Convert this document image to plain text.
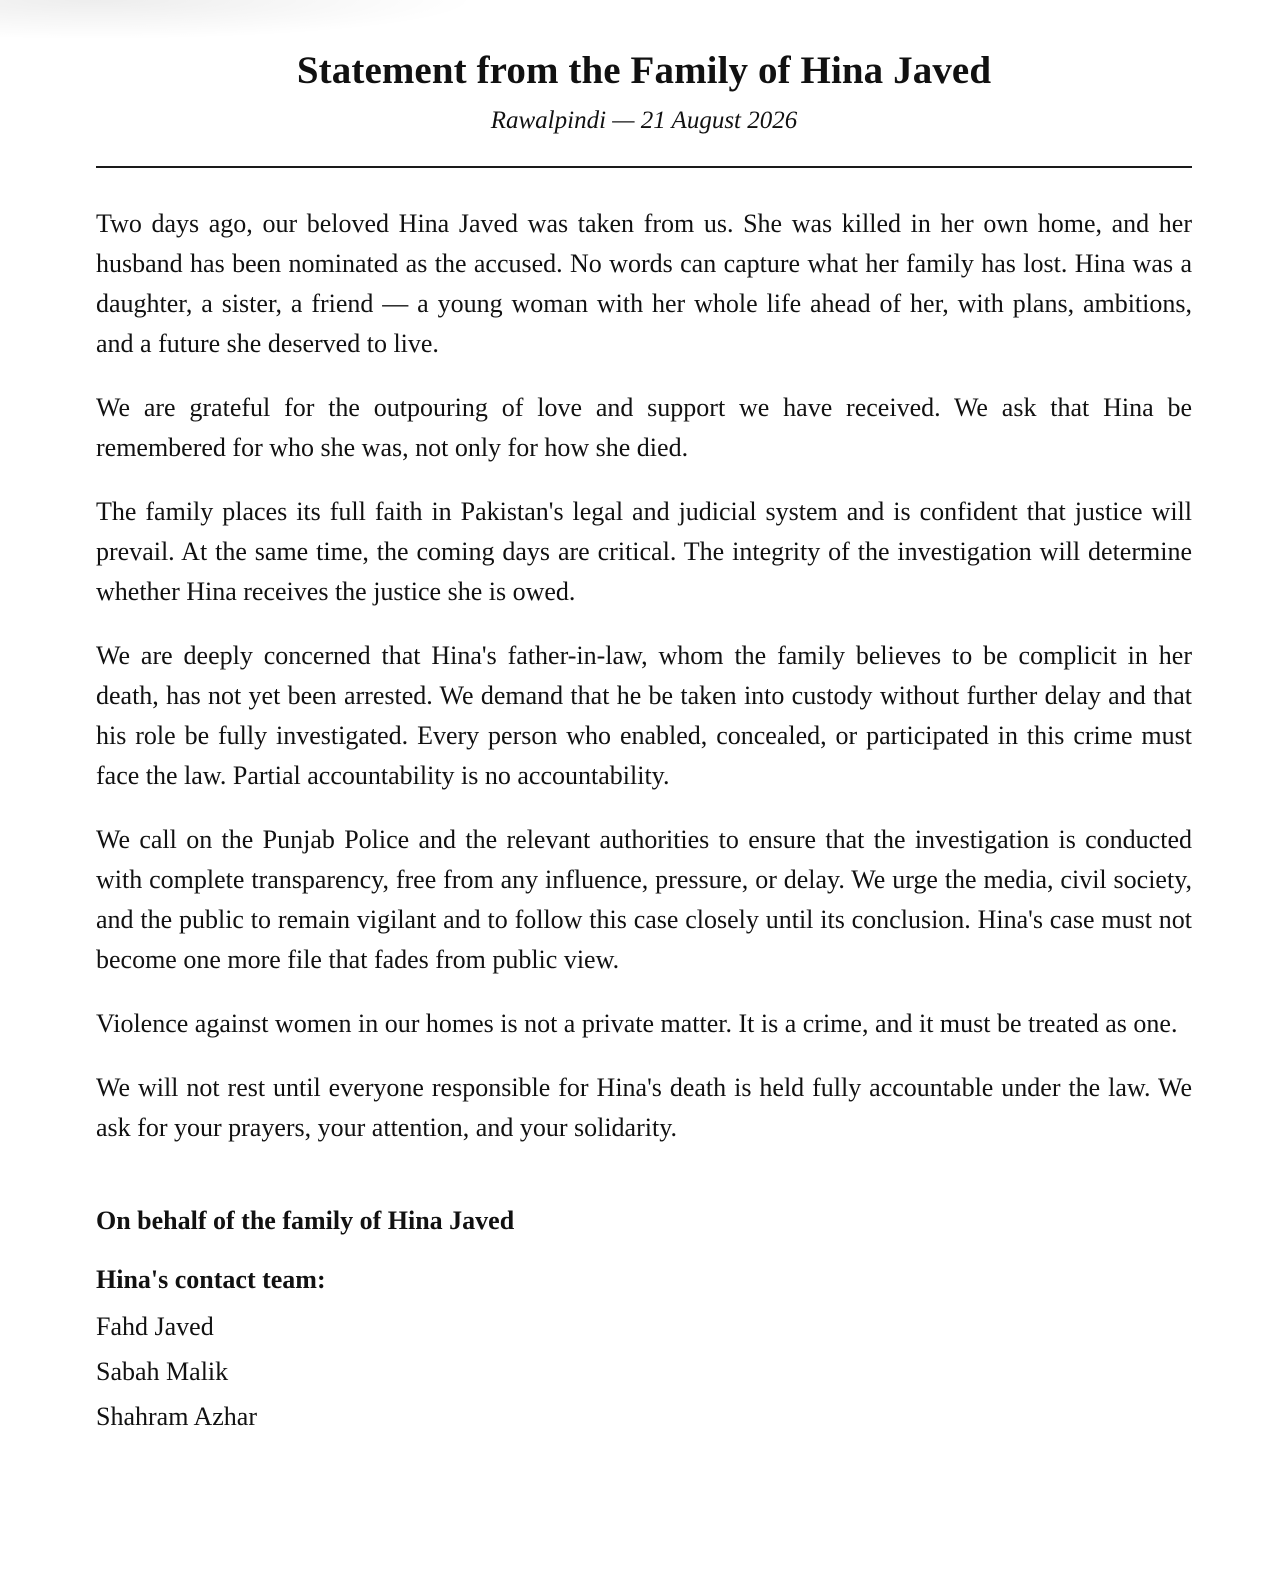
Statement from the Family of Hina Javed

Rawalpindi — 21 August 2026

Two days ago, our beloved Hina Javed was taken from us. She was killed in her own home, and her husband has been nominated as the accused. No words can capture what her family has lost. Hina was a daughter, a sister, a friend — a young woman with her whole life ahead of her, with plans, ambitions, and a future she deserved to live.

We are grateful for the outpouring of love and support we have received. We ask that Hina be remembered for who she was, not only for how she died.

The family places its full faith in Pakistan's legal and judicial system and is confident that justice will prevail. At the same time, the coming days are critical. The integrity of the investigation will determine whether Hina receives the justice she is owed.

We are deeply concerned that Hina's father-in-law, whom the family believes to be complicit in her death, has not yet been arrested. We demand that he be taken into custody without further delay and that his role be fully investigated. Every person who enabled, concealed, or participated in this crime must face the law. Partial accountability is no accountability.

We call on the Punjab Police and the relevant authorities to ensure that the investigation is conducted with complete transparency, free from any influence, pressure, or delay. We urge the media, civil society, and the public to remain vigilant and to follow this case closely until its conclusion. Hina's case must not become one more file that fades from public view.

Violence against women in our homes is not a private matter. It is a crime, and it must be treated as one.

We will not rest until everyone responsible for Hina's death is held fully accountable under the law. We ask for your prayers, your attention, and your solidarity.

On behalf of the family of Hina Javed
Hina's contact team:
Fahd Javed
Sabah Malik
Shahram Azhar
